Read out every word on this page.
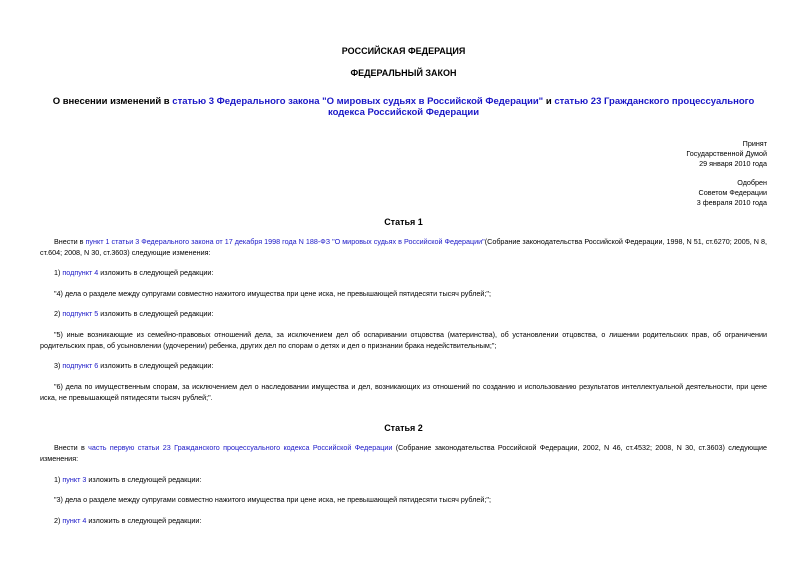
РОССИЙСКАЯ ФЕДЕРАЦИЯ
ФЕДЕРАЛЬНЫЙ ЗАКОН
О внесении изменений в статью 3 Федерального закона "О мировых судьях в Российской Федерации" и статью 23 Гражданского процессуального кодекса Российской Федерации
Принят
Государственной Думой
29 января 2010 года
Одобрен
Советом Федерации
3 февраля 2010 года
Статья 1
Внести в пункт 1 статьи 3 Федерального закона от 17 декабря 1998 года N 188-ФЗ "О мировых судьях в Российской Федерации"(Собрание законодательства Российской Федерации, 1998, N 51, ст.6270; 2005, N 8, ст.604; 2008, N 30, ст.3603) следующие изменения:
1) подпункт 4 изложить в следующей редакции:
"4) дела о разделе между супругами совместно нажитого имущества при цене иска, не превышающей пятидесяти тысяч рублей;";
2) подпункт 5 изложить в следующей редакции:
"5) иные возникающие из семейно-правовых отношений дела, за исключением дел об оспаривании отцовства (материнства), об установлении отцовства, о лишении родительских прав, об ограничении родительских прав, об усыновлении (удочерении) ребенка, других дел по спорам о детях и дел о признании брака недействительным;";
3) подпункт 6 изложить в следующей редакции:
"6) дела по имущественным спорам, за исключением дел о наследовании имущества и дел, возникающих из отношений по созданию и использованию результатов интеллектуальной деятельности, при цене иска, не превышающей пятидесяти тысяч рублей;".
Статья 2
Внести в часть первую статьи 23 Гражданского процессуального кодекса Российской Федерации (Собрание законодательства Российской Федерации, 2002, N 46, ст.4532; 2008, N 30, ст.3603) следующие изменения:
1) пункт 3 изложить в следующей редакции:
"3) дела о разделе между супругами совместно нажитого имущества при цене иска, не превышающей пятидесяти тысяч рублей;";
2) пункт 4 изложить в следующей редакции:
